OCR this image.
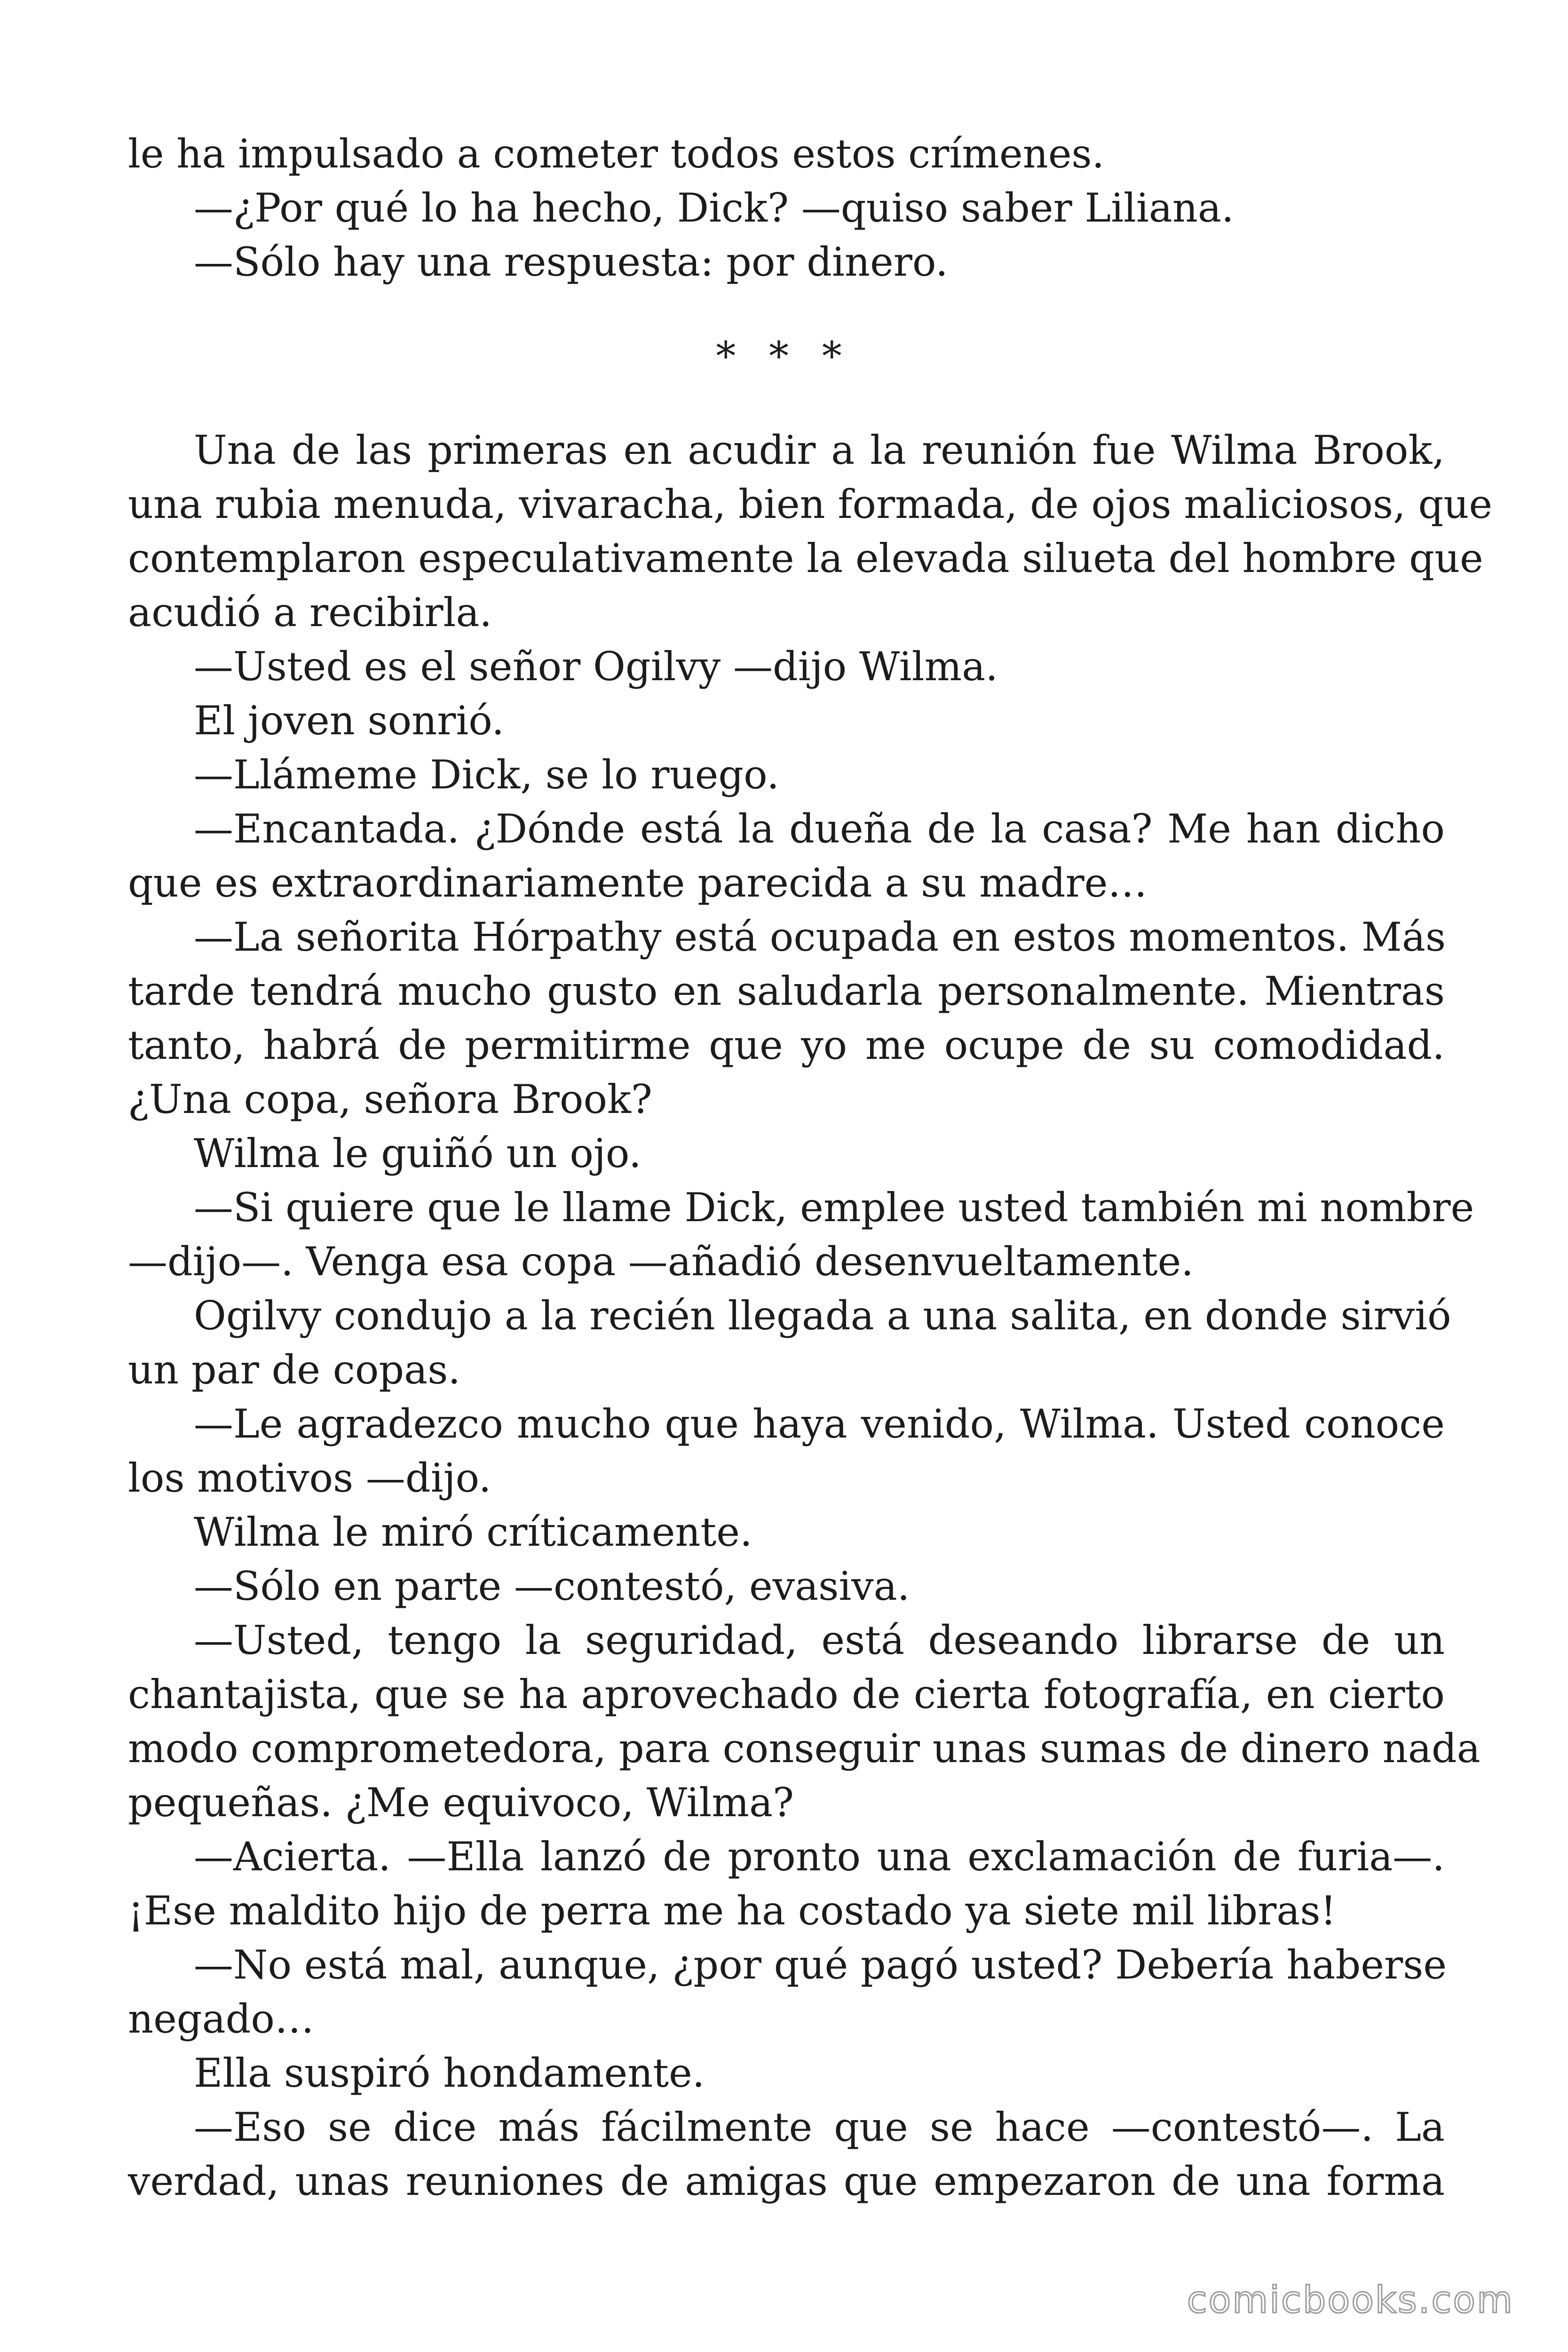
le ha impulsado a cometer todos estos crímenes.
—¿Por qué lo ha hecho, Dick? —quiso saber Liliana.
—Sólo hay una respuesta: por dinero.
* * *
Una de las primeras en acudir a la reunión fue Wilma Brook,
una rubia menuda, vivaracha, bien formada, de ojos maliciosos, que
contemplaron especulativamente la elevada silueta del hombre que
acudió a recibirla.
—Usted es el señor Ogilvy —dijo Wilma.
El joven sonrió.
—Llámeme Dick, se lo ruego.
—Encantada. ¿Dónde está la dueña de la casa? Me han dicho
que es extraordinariamente parecida a su madre…
—La señorita Hórpathy está ocupada en estos momentos. Más
tarde tendrá mucho gusto en saludarla personalmente. Mientras
tanto, habrá de permitirme que yo me ocupe de su comodidad.
¿Una copa, señora Brook?
Wilma le guiñó un ojo.
—Si quiere que le llame Dick, emplee usted también mi nombre
—dijo—. Venga esa copa —añadió desenvueltamente.
Ogilvy condujo a la recién llegada a una salita, en donde sirvió
un par de copas.
—Le agradezco mucho que haya venido, Wilma. Usted conoce
los motivos —dijo.
Wilma le miró críticamente.
—Sólo en parte —contestó, evasiva.
—Usted, tengo la seguridad, está deseando librarse de un
chantajista, que se ha aprovechado de cierta fotografía, en cierto
modo comprometedora, para conseguir unas sumas de dinero nada
pequeñas. ¿Me equivoco, Wilma?
—Acierta. —Ella lanzó de pronto una exclamación de furia—.
¡Ese maldito hijo de perra me ha costado ya siete mil libras!
—No está mal, aunque, ¿por qué pagó usted? Debería haberse
negado…
Ella suspiró hondamente.
—Eso se dice más fácilmente que se hace —contestó—. La
verdad, unas reuniones de amigas que empezaron de una forma
comicbooks.com
